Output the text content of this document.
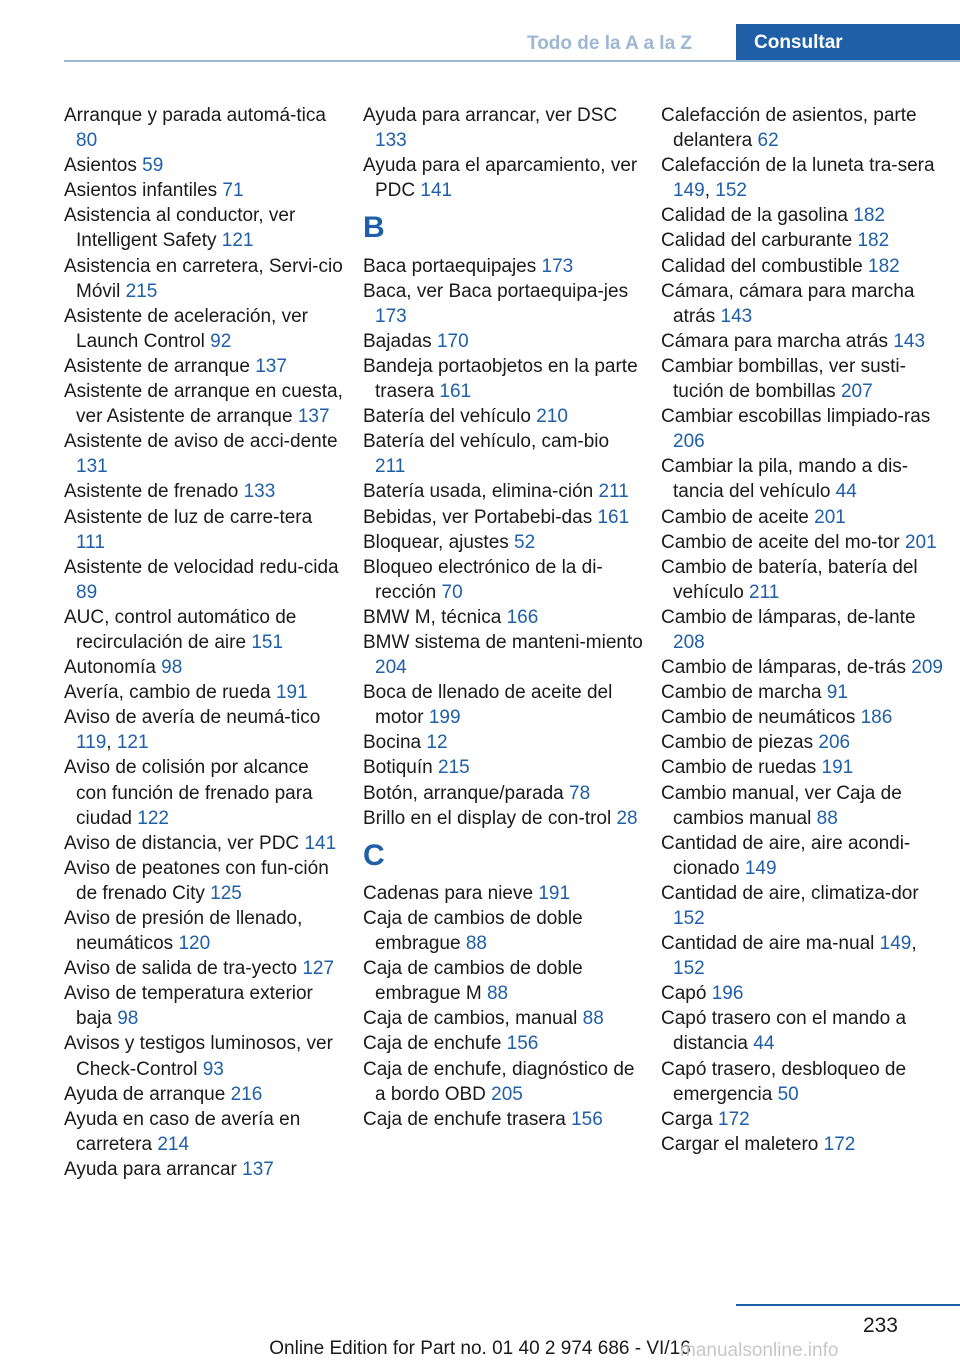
Todo de la A a la Z	Consultar
Arranque y parada automá-tica 80
Asientos 59
Asientos infantiles 71
Asistencia al conductor, ver Intelligent Safety 121
Asistencia en carretera, Servi-cio Móvil 215
Asistente de aceleración, ver Launch Control 92
Asistente de arranque 137
Asistente de arranque en cuesta, ver Asistente de arranque 137
Asistente de aviso de acci-dente 131
Asistente de frenado 133
Asistente de luz de carre-tera 111
Asistente de velocidad redu-cida 89
AUC, control automático de recirculación de aire 151
Autonomía 98
Avería, cambio de rueda 191
Aviso de avería de neumá-tico 119, 121
Aviso de colisión por alcance con función de frenado para ciudad 122
Aviso de distancia, ver PDC 141
Aviso de peatones con fun-ción de frenado City 125
Aviso de presión de llenado, neumáticos 120
Aviso de salida de tra-yecto 127
Aviso de temperatura exterior baja 98
Avisos y testigos luminosos, ver Check-Control 93
Ayuda de arranque 216
Ayuda en caso de avería en carretera 214
Ayuda para arrancar 137
Ayuda para arrancar, ver DSC 133
Ayuda para el aparcamiento, ver PDC 141
B
Baca portaequipajes 173
Baca, ver Baca portaequipa-jes 173
Bajadas 170
Bandeja portaobjetos en la parte trasera 161
Batería del vehículo 210
Batería del vehículo, cam-bio 211
Batería usada, elimina-ción 211
Bebidas, ver Portabebi-das 161
Bloquear, ajustes 52
Bloqueo electrónico de la di-rección 70
BMW M, técnica 166
BMW sistema de manteni-miento 204
Boca de llenado de aceite del motor 199
Bocina 12
Botiquín 215
Botón, arranque/parada 78
Brillo en el display de con-trol 28
C
Cadenas para nieve 191
Caja de cambios de doble embrague 88
Caja de cambios de doble embrague M 88
Caja de cambios, manual 88
Caja de enchufe 156
Caja de enchufe, diagnóstico de a bordo OBD 205
Caja de enchufe trasera 156
Calefacción de asientos, parte delantera 62
Calefacción de la luneta tra-sera 149, 152
Calidad de la gasolina 182
Calidad del carburante 182
Calidad del combustible 182
Cámara, cámara para marcha atrás 143
Cámara para marcha atrás 143
Cambiar bombillas, ver susti-tución de bombillas 207
Cambiar escobillas limpiado-ras 206
Cambiar la pila, mando a dis-tancia del vehículo 44
Cambio de aceite 201
Cambio de aceite del mo-tor 201
Cambio de batería, batería del vehículo 211
Cambio de lámparas, de-lante 208
Cambio de lámparas, de-trás 209
Cambio de marcha 91
Cambio de neumáticos 186
Cambio de piezas 206
Cambio de ruedas 191
Cambio manual, ver Caja de cambios manual 88
Cantidad de aire, aire acondi-cionado 149
Cantidad de aire, climatiza-dor 152
Cantidad de aire ma-nual 149, 152
Capó 196
Capó trasero con el mando a distancia 44
Capó trasero, desbloqueo de emergencia 50
Carga 172
Cargar el maletero 172
233
Online Edition for Part no. 01 40 2 974 686 - VI/16
manualsonline.info
